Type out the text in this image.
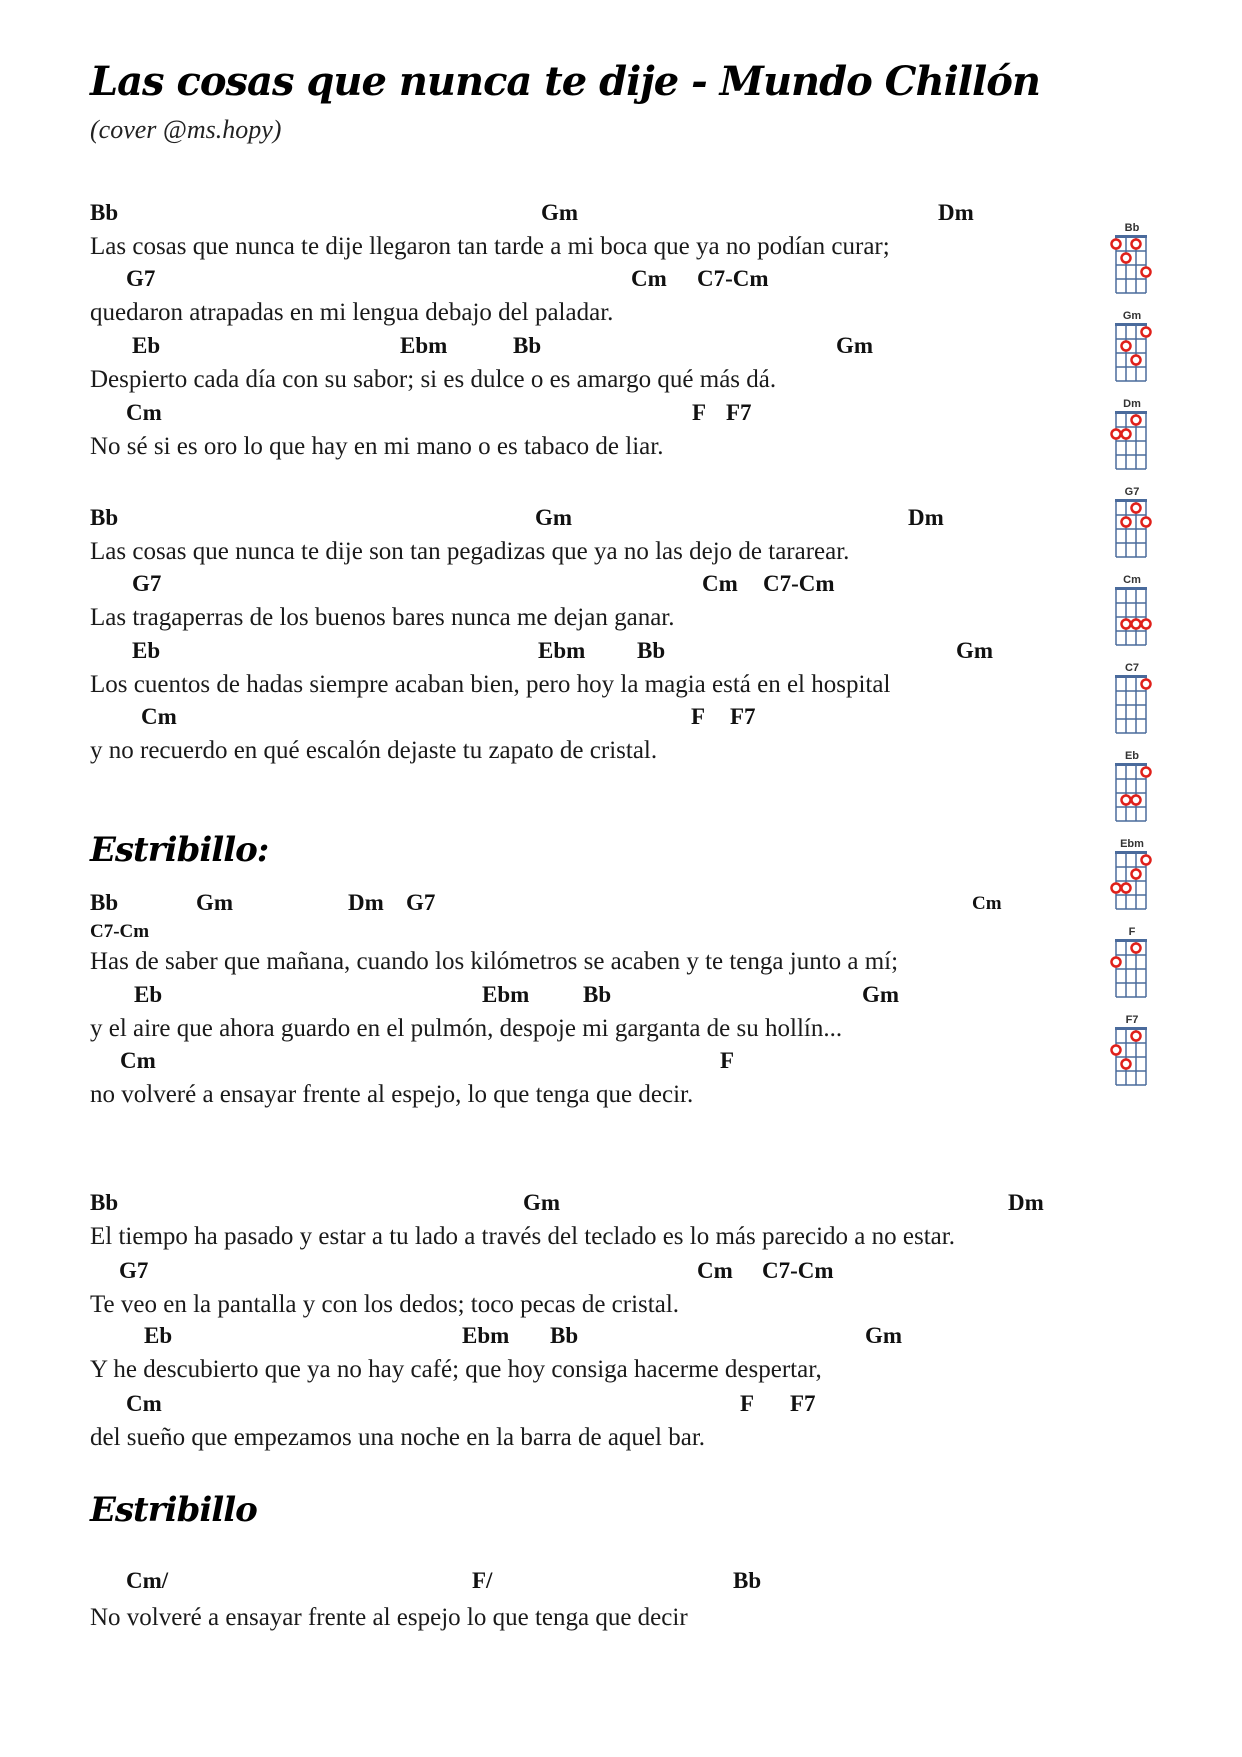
Las cosas que nunca te dije - Mundo Chillón
(cover @ms.hopy)
Bb	Gm	Dm
Las cosas que nunca te dije llegaron tan tarde a mi boca que ya no podían curar;
G7	Cm C7-Cm
quedaron atrapadas en mi lengua debajo del paladar.
Eb	Ebm	Bb	Gm
Despierto cada día con su sabor; si es dulce o es amargo qué más dá.
Cm	F F7
No sé si es oro lo que hay en mi mano o es tabaco de liar.
Bb	Gm	Dm
Las cosas que nunca te dije son tan pegadizas que ya no las dejo de tararear.
G7	Cm C7-Cm
Las tragaperras de los buenos bares nunca me dejan ganar.
Eb	Ebm Bb	Gm
Los cuentos de hadas siempre acaban bien, pero hoy la magia está en el hospital
Cm	F F7
y no recuerdo en qué escalón dejaste tu zapato de cristal.
Estribillo:
Bb	Gm	Dm G7	Cm
C7-Cm
Has de saber que mañana, cuando los kilómetros se acaben y te tenga junto a mí;
Eb	Ebm Bb	Gm
y el aire que ahora guardo en el pulmón, despoje mi garganta de su hollín...
Cm	F
no volveré a ensayar frente al espejo, lo que tenga que decir.
Bb	Gm	Dm
El tiempo ha pasado y estar a tu lado a través del teclado es lo más parecido a no estar.
G7	Cm C7-Cm
Te veo en la pantalla y con los dedos; toco pecas de cristal.
Eb	Ebm Bb	Gm
Y he descubierto que ya no hay café; que hoy consiga hacerme despertar,
Cm	F F7
del sueño que empezamos una noche en la barra de aquel bar.
Estribillo
Cm/	F/	Bb
No volveré a ensayar frente al espejo lo que tenga que decir
Bb
Gm
Dm
G7
Cm
C7
Eb
Ebm
F
F7
